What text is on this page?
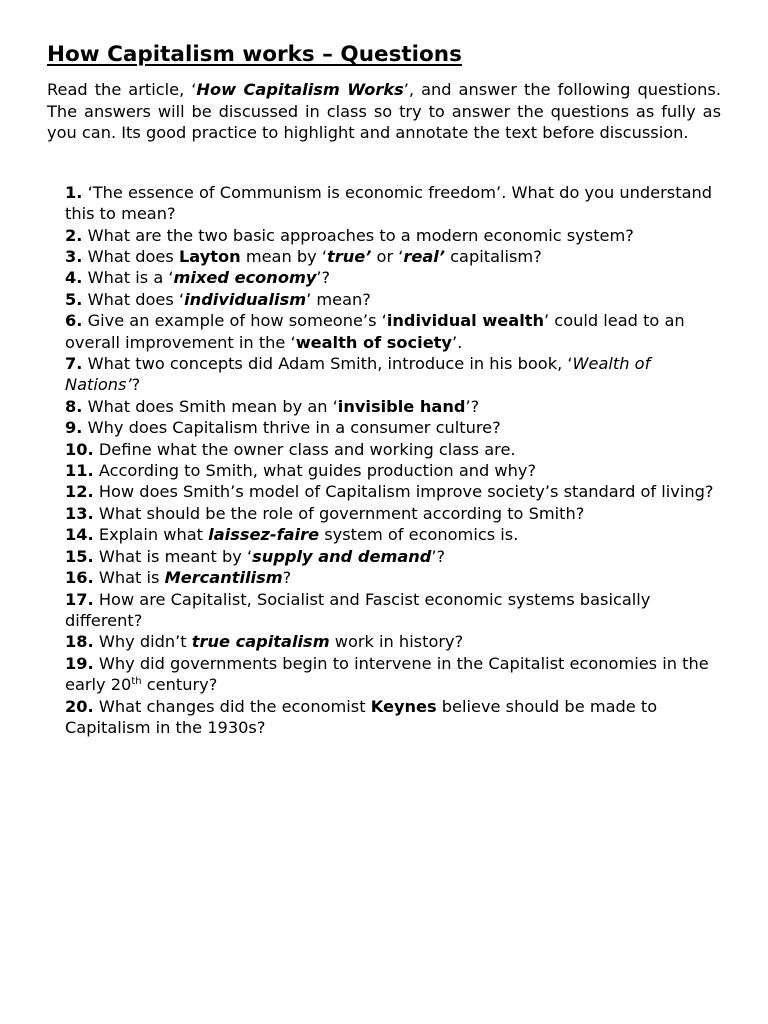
How Capitalism works – Questions

Read the article, ‘How Capitalism Works’, and answer the following questions. The answers will be discussed in class so try to answer the questions as fully as you can. Its good practice to highlight and annotate the text before discussion.

1. ‘The essence of Communism is economic freedom’. What do you understand this to mean?
2. What are the two basic approaches to a modern economic system?
3. What does Layton mean by ‘true’ or ‘real’ capitalism?
4. What is a ‘mixed economy’?
5. What does ‘individualism’ mean?
6. Give an example of how someone’s ‘individual wealth’ could lead to an overall improvement in the ‘wealth of society’.
7. What two concepts did Adam Smith, introduce in his book, ‘Wealth of Nations’?
8. What does Smith mean by an ‘invisible hand’?
9. Why does Capitalism thrive in a consumer culture?
10. Define what the owner class and working class are.
11. According to Smith, what guides production and why?
12. How does Smith’s model of Capitalism improve society’s standard of living?
13. What should be the role of government according to Smith?
14. Explain what laissez-faire system of economics is.
15. What is meant by ‘supply and demand’?
16. What is Mercantilism?
17. How are Capitalist, Socialist and Fascist economic systems basically different?
18. Why didn’t true capitalism work in history?
19. Why did governments begin to intervene in the Capitalist economies in the early 20th century?
20. What changes did the economist Keynes believe should be made to Capitalism in the 1930s?
